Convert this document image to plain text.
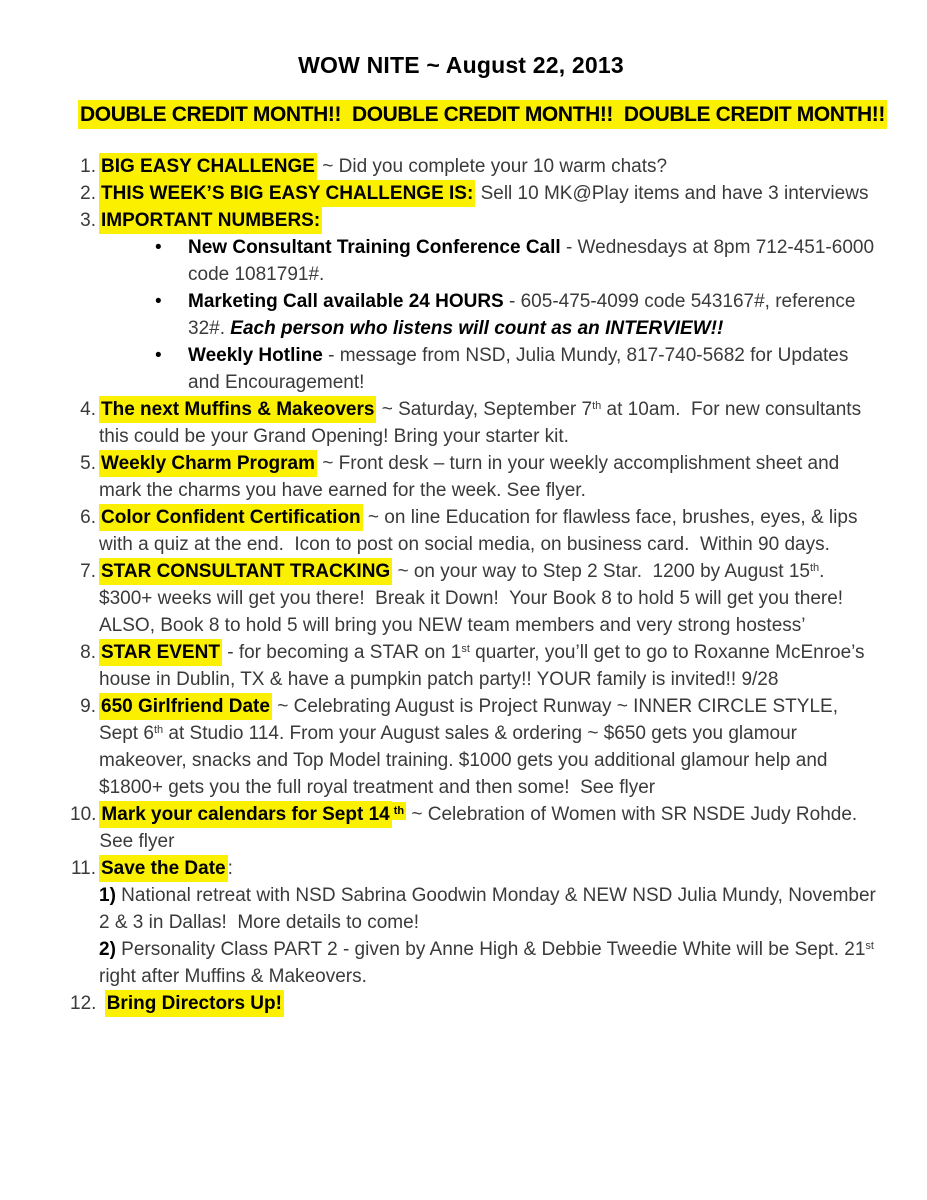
WOW NITE ~ August 22, 2013
DOUBLE CREDIT MONTH!!  DOUBLE CREDIT MONTH!!  DOUBLE CREDIT MONTH!!
1. BIG EASY CHALLENGE ~ Did you complete your 10 warm chats?
2. THIS WEEK’S BIG EASY CHALLENGE IS: Sell 10 MK@Play items and have 3 interviews
3. IMPORTANT NUMBERS:
•	New Consultant Training Conference Call - Wednesdays at 8pm 712-451-6000 code 1081791#.
•	Marketing Call available 24 HOURS - 605-475-4099 code 543167#, reference 32#. Each person who listens will count as an INTERVIEW!!
•	Weekly Hotline - message from NSD, Julia Mundy, 817-740-5682 for Updates and Encouragement!
4. The next Muffins & Makeovers ~ Saturday, September 7th at 10am.  For new consultants this could be your Grand Opening! Bring your starter kit.
5. Weekly Charm Program ~ Front desk – turn in your weekly accomplishment sheet and mark the charms you have earned for the week. See flyer.
6. Color Confident Certification ~ on line Education for flawless face, brushes, eyes, & lips with a quiz at the end.  Icon to post on social media, on business card.  Within 90 days.
7. STAR CONSULTANT TRACKING ~ on your way to Step 2 Star.  1200 by August 15th.  $300+ weeks will get you there!  Break it Down!  Your Book 8 to hold 5 will get you there! ALSO, Book 8 to hold 5 will bring you NEW team members and very strong hostess’
8. STAR EVENT - for becoming a STAR on 1st quarter, you’ll get to go to Roxanne McEnroe’s house in Dublin, TX & have a pumpkin patch party!! YOUR family is invited!! 9/28
9. 650 Girlfriend Date ~ Celebrating August is Project Runway ~ INNER CIRCLE STYLE, Sept 6th at Studio 114. From your August sales & ordering ~ $650 gets you glamour makeover, snacks and Top Model training. $1000 gets you additional glamour help and $1800+ gets you the full royal treatment and then some!  See flyer
10. Mark your calendars for Sept 14 $^{th}$ ~ Celebration of Women with SR NSDE Judy Rohde.  See flyer
11. Save the Date :
1) National retreat with NSD Sabrina Goodwin Monday & NEW NSD Julia Mundy, November 2 & 3 in Dallas!  More details to come!
2) Personality Class PART 2 - given by Anne High & Debbie Tweedie White will be Sept. 21st right after Muffins & Makeovers.
12. Bring Directors Up!
